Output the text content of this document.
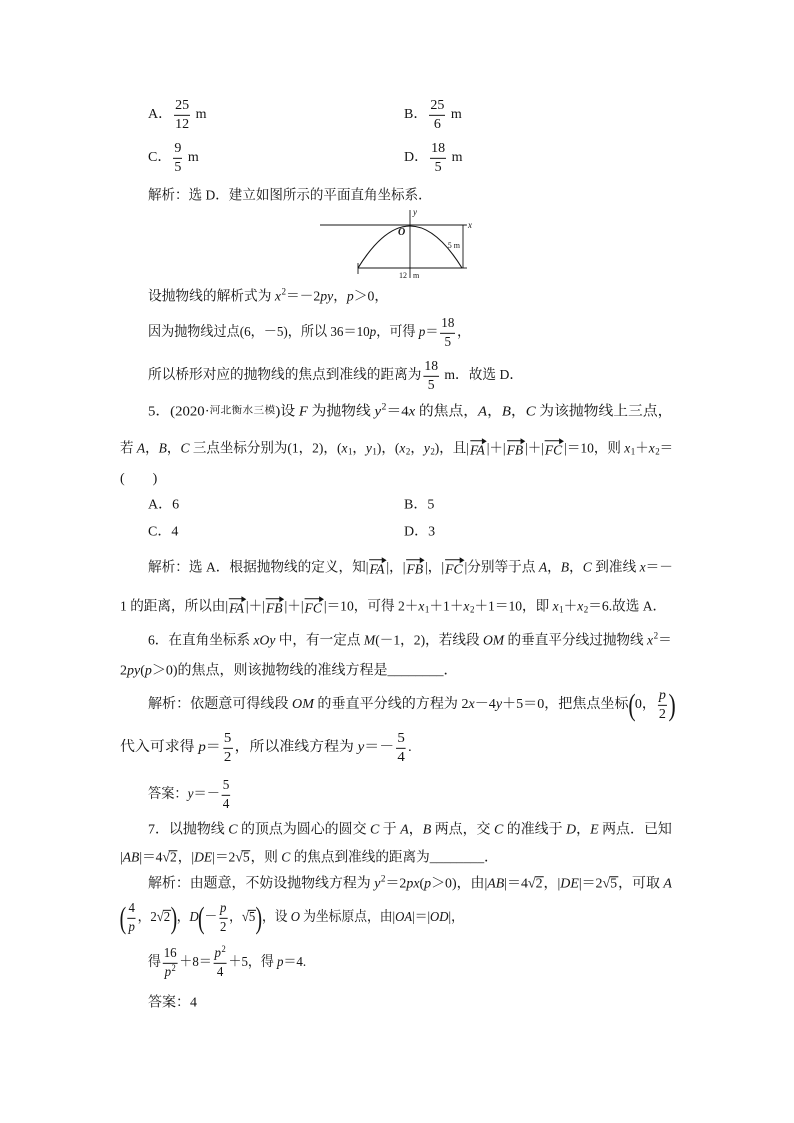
A． $\frac{25}{12}$ m	B． $\frac{25}{6}$ m
C． $\frac{9}{5}$ m	D． $\frac{18}{5}$ m
解析：选 D．建立如图所示的平面直角坐标系．
x
y
O
5 m
12 m
设抛物线的解析式为 x 2 ＝－2 py ， p ＞0，
因为抛物线过点(6，－5)，所以 36＝10 p ，可得 $p = \frac{18}{5}$ ，
所以桥形对应的抛物线的焦点到准线的距离为 $\frac{18}{5}$ m．故选 D．
5．(2020· 河北衡水三模 )设 F 为抛物线 y 2 ＝4 x 的焦点， A ， B ， C 为该抛物线上三点，
若 A ， B ， C 三点坐标分别为(1，2)，( x 1 ， y 1 )，( x 2 ， y 2 )，且| FA |＋| FB |＋| FC |＝10，则 x 1 ＋ x 2 ＝
(　　)
A．6	B．5
C．4	D．3
解析：选 A．根据抛物线的定义，知| FA |，| FB |，| FC |分别等于点 A ， B ， C 到准线 x ＝－
1 的距离，所以由| FA |＋| FB |＋| FC |＝10，可得 2＋ x 1 ＋1＋ x 2 ＋1＝10，即 x 1 ＋ x 2 ＝6.故选 A．
6．在直角坐标系 xOy 中，有一定点 M (－1，2)，若线段 OM 的垂直平分线过抛物线 x 2 ＝
2 py ( p ＞0)的焦点，则该抛物线的准线方程是________．
解析：依题意可得线段 OM 的垂直平分线的方程为 2 x －4 y ＋5＝0，把焦点坐标 ( 0， $\frac{p}{2}$ )
代入可求得 $p = \frac{5}{2}$ ，所以准线方程为 $y =- \frac{5}{4}$ .
答案： $y =- \frac{5}{4}$
7．以抛物线 C 的顶点为圆心的圆交 C 于 A ， B 两点，交 C 的准线于 D ， E 两点．已知
| AB |＝4√ 2 ，| DE |＝2√ 5 ，则 C 的焦点到准线的距离为________．
解析：由题意，不妨设抛物线方程为 y 2 ＝2 px ( p ＞0)，由| AB |＝4√ 2 ，| DE |＝2√ 5 ，可取 A
( $\frac{4}{p}$ ，2√ 2 ) ， D ( － $\frac{p}{2}$ ，√ 5 ) ，设 O 为坐标原点，由| OA |＝| OD |，
得 $\frac{16}{p 2} +8= \frac{p 2}{4} +5$，得 p ＝4.
答案：4
